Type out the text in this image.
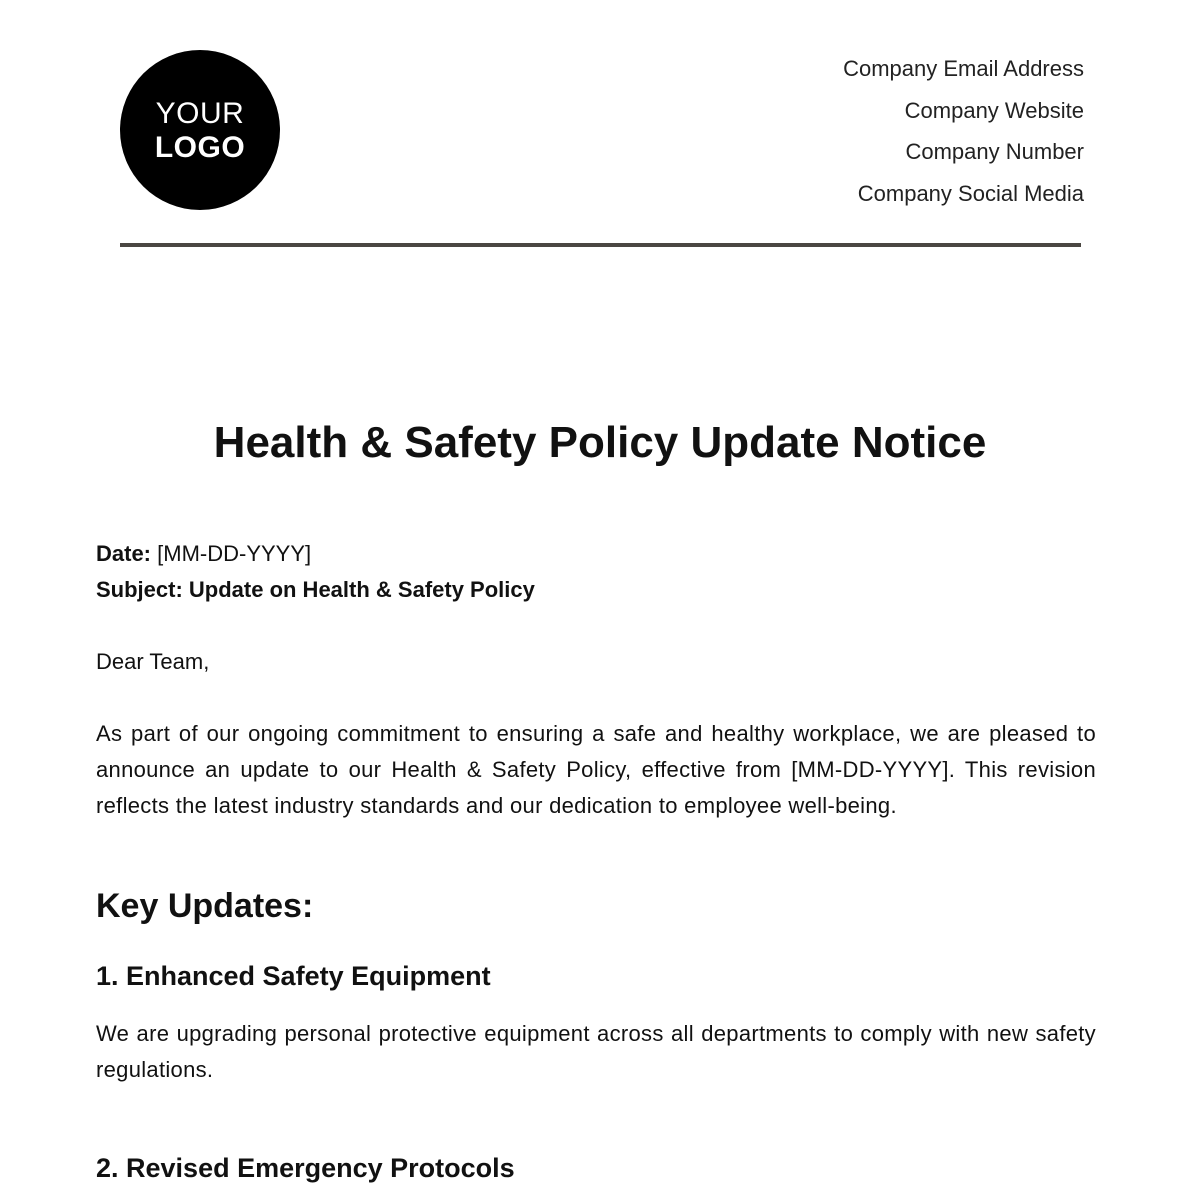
YOUR
LOGO
Company Email Address
Company Website
Company Number
Company Social Media
Health & Safety Policy Update Notice
Date: [MM-DD-YYYY]
Subject: Update on Health & Safety Policy
Dear Team,
As part of our ongoing commitment to ensuring a safe and healthy workplace, we are pleased to announce an update to our Health & Safety Policy, effective from [MM-DD-YYYY]. This revision reflects the latest industry standards and our dedication to employee well-being.
Key Updates:
1. Enhanced Safety Equipment
We are upgrading personal protective equipment across all departments to comply with new safety regulations.
2. Revised Emergency Protocols
